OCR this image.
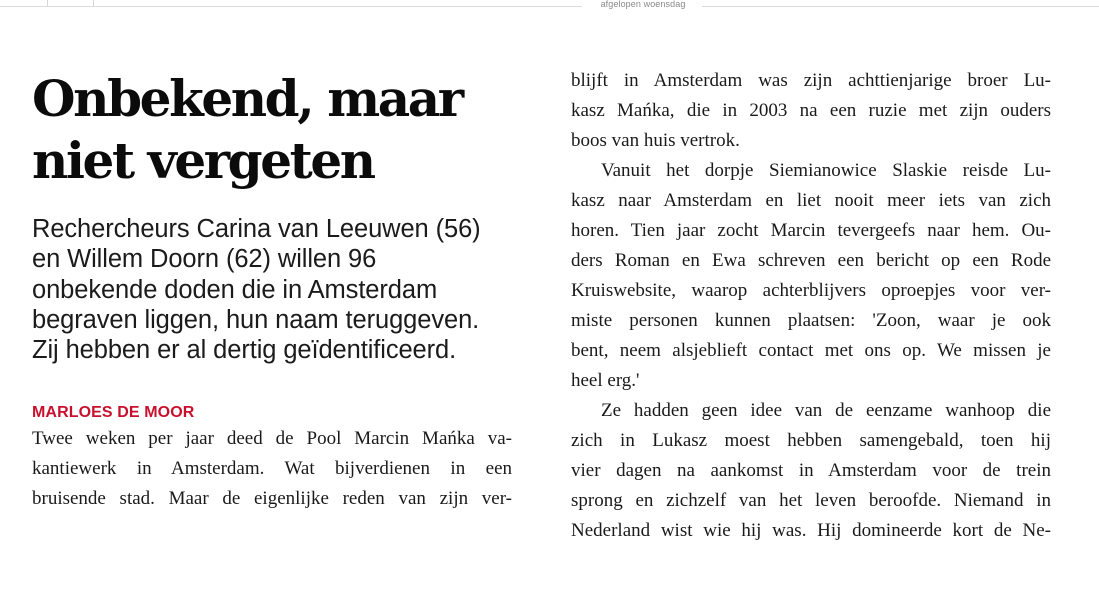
afgelopen woensdag
Onbekend, maar
niet vergeten

Rechercheurs Carina van Leeuwen (56) en Willem Doorn (62) willen 96 onbekende doden die in Amsterdam begraven liggen, hun naam teruggeven. Zij hebben er al dertig geïdentificeerd.

MARLOES DE MOOR
Twee weken per jaar deed de Pool Marcin Mańka va-
kantiewerk in Amsterdam. Wat bijverdienen in een
bruisende stad. Maar de eigenlijke reden van zijn ver-
blijft in Amsterdam was zijn achttienjarige broer Lu-
kasz Mańka, die in 2003 na een ruzie met zijn ouders
boos van huis vertrok.
Vanuit het dorpje Siemianowice Slaskie reisde Lu-
kasz naar Amsterdam en liet nooit meer iets van zich
horen. Tien jaar zocht Marcin tevergeefs naar hem. Ou-
ders Roman en Ewa schreven een bericht op een Rode
Kruiswebsite, waarop achterblijvers oproepjes voor ver-
miste personen kunnen plaatsen: 'Zoon, waar je ook
bent, neem alsjeblieft contact met ons op. We missen je
heel erg.'
Ze hadden geen idee van de eenzame wanhoop die
zich in Lukasz moest hebben samengebald, toen hij
vier dagen na aankomst in Amsterdam voor de trein
sprong en zichzelf van het leven beroofde. Niemand in
Nederland wist wie hij was. Hij domineerde kort de Ne-
